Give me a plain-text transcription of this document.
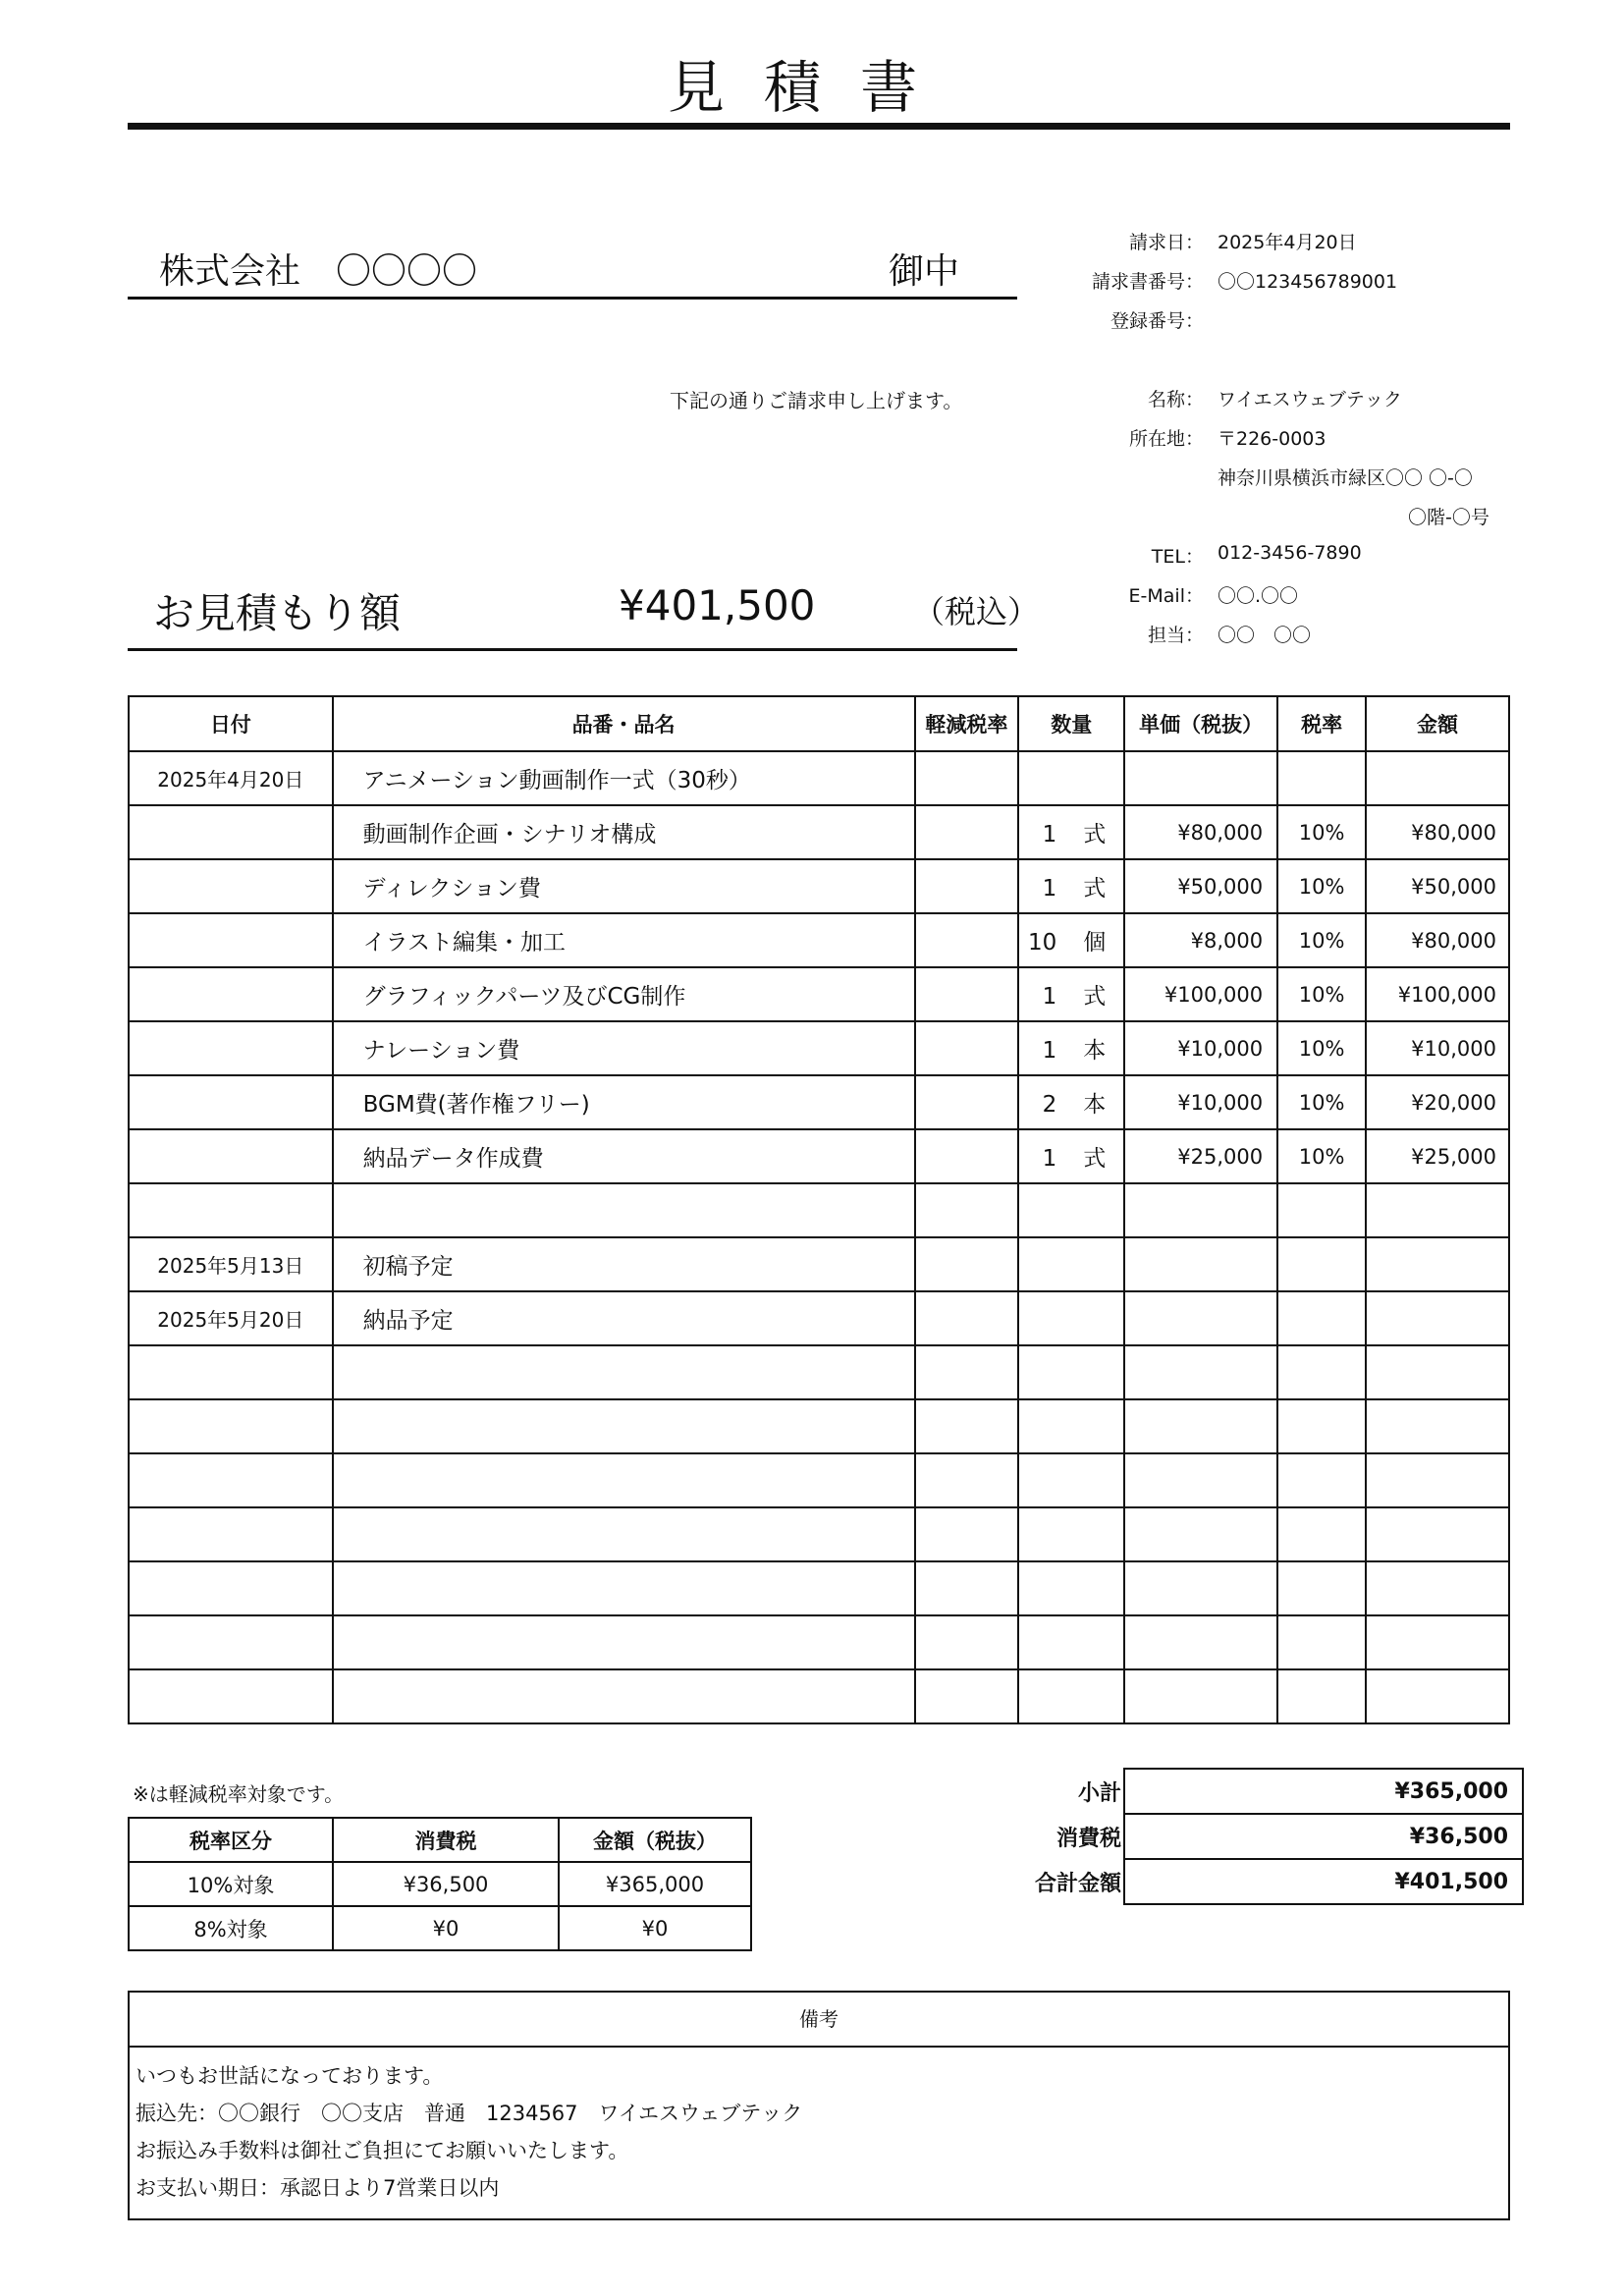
見積書
株式会社　〇〇〇〇	御中
下記の通りご請求申し上げます。
お見積もり額	¥401,500	（税込）
請求日： 2025年4月20日
請求書番号： 〇〇123456789001
登録番号：
名称： ワイエスウェブテック
所在地： 〒226-0003
神奈川県横浜市緑区〇〇 〇-〇
〇階-〇号
TEL： 012-3456-7890
E-Mail： 〇〇.〇〇
担当： 〇〇　〇〇
日付	品番・品名	軽減税率	数量	単価（税抜）	税率	金額
2025年4月20日	アニメーション動画制作一式（30秒）					
	動画制作企画・シナリオ構成		1 式	¥80,000	10%	¥80,000
	ディレクション費		1 式	¥50,000	10%	¥50,000
	イラスト編集・加工		10 個	¥8,000	10%	¥80,000
	グラフィックパーツ及びCG制作		1 式	¥100,000	10%	¥100,000
	ナレーション費		1 本	¥10,000	10%	¥10,000
	BGM費(著作権フリー)		2 本	¥10,000	10%	¥20,000
	納品データ作成費		1 式	¥25,000	10%	¥25,000

2025年5月13日	初稿予定					
2025年5月20日	納品予定					

※は軽減税率対象です。
税率区分	消費税	金額（税抜）
10%対象	¥36,500	¥365,000
8%対象	¥0	¥0
小計	¥365,000
消費税	¥36,500
合計金額	¥401,500
備考
いつもお世話になっております。
振込先：〇〇銀行　〇〇支店　普通　1234567　ワイエスウェブテック
お振込み手数料は御社ご負担にてお願いいたします。
お支払い期日：承認日より7営業日以内
